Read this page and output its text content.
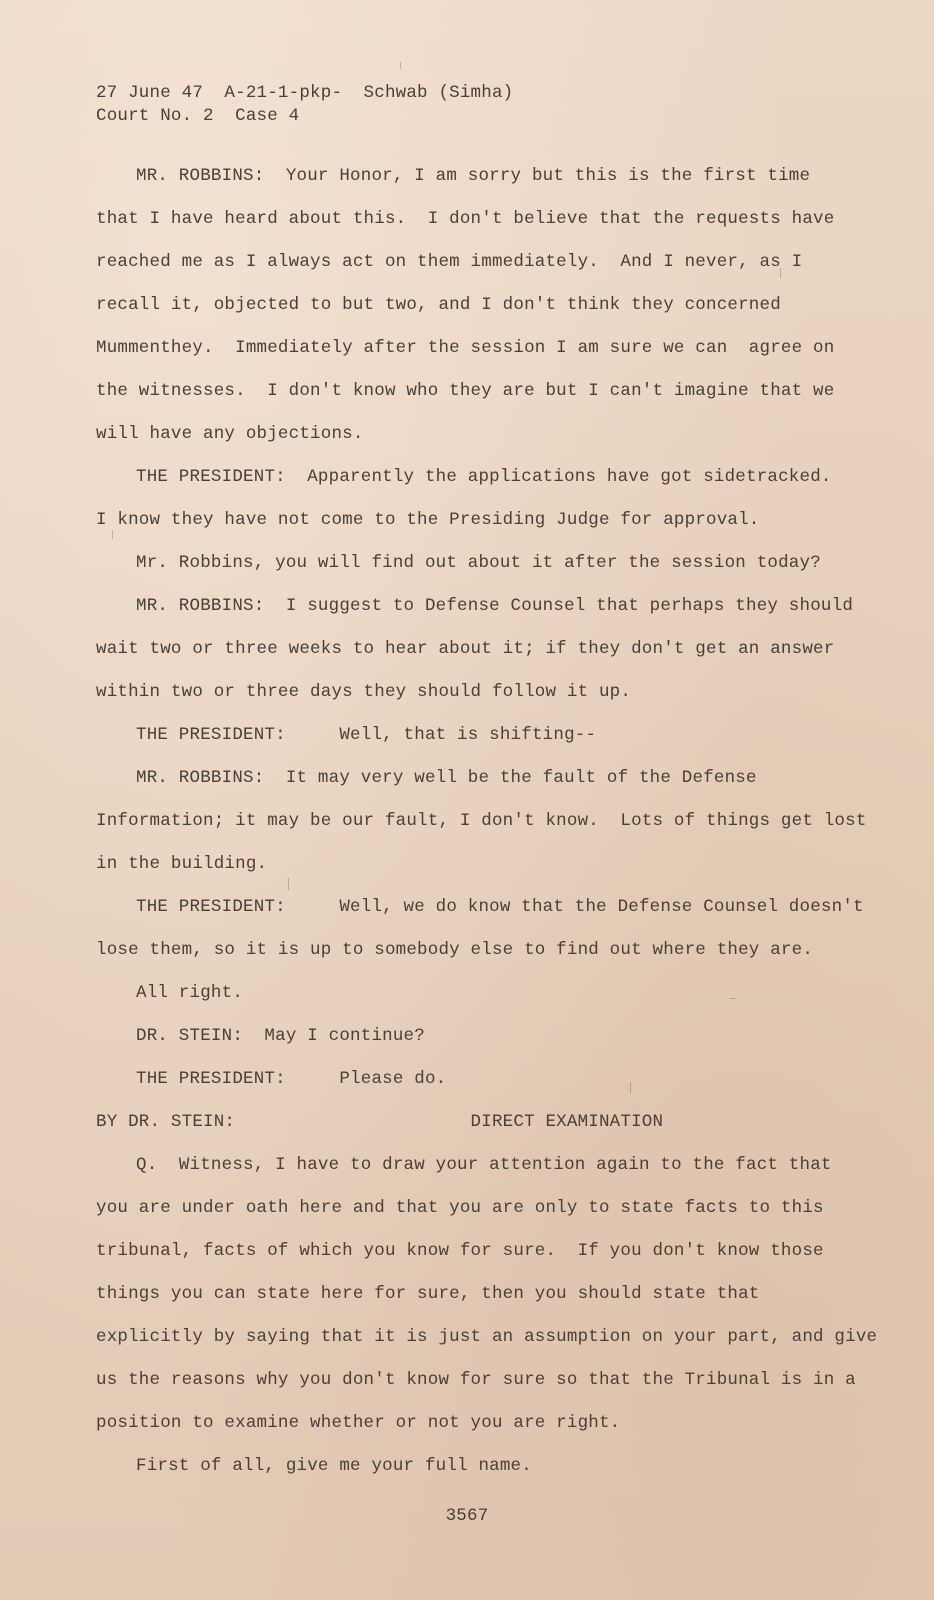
27 June 47  A-21-1-pkp-  Schwab (Simha)
Court No. 2  Case 4
MR. ROBBINS:  Your Honor, I am sorry but this is the first time
that I have heard about this.  I don't believe that the requests have
reached me as I always act on them immediately.  And I never, as I
recall it, objected to but two, and I don't think they concerned
Mummenthey.  Immediately after the session I am sure we can  agree on
the witnesses.  I don't know who they are but I can't imagine that we
will have any objections.
THE PRESIDENT:  Apparently the applications have got sidetracked.
I know they have not come to the Presiding Judge for approval.
Mr. Robbins, you will find out about it after the session today?
MR. ROBBINS:  I suggest to Defense Counsel that perhaps they should
wait two or three weeks to hear about it; if they don't get an answer
within two or three days they should follow it up.
THE PRESIDENT:     Well, that is shifting--
MR. ROBBINS:  It may very well be the fault of the Defense
Information; it may be our fault, I don't know.  Lots of things get lost
in the building.
THE PRESIDENT:     Well, we do know that the Defense Counsel doesn't
lose them, so it is up to somebody else to find out where they are.
All right.
DR. STEIN:  May I continue?
THE PRESIDENT:     Please do.
BY DR. STEIN:                      DIRECT EXAMINATION
Q.  Witness, I have to draw your attention again to the fact that
you are under oath here and that you are only to state facts to this
tribunal, facts of which you know for sure.  If you don't know those
things you can state here for sure, then you should state that
explicitly by saying that it is just an assumption on your part, and give
us the reasons why you don't know for sure so that the Tribunal is in a
position to examine whether or not you are right.
First of all, give me your full name.
3567
